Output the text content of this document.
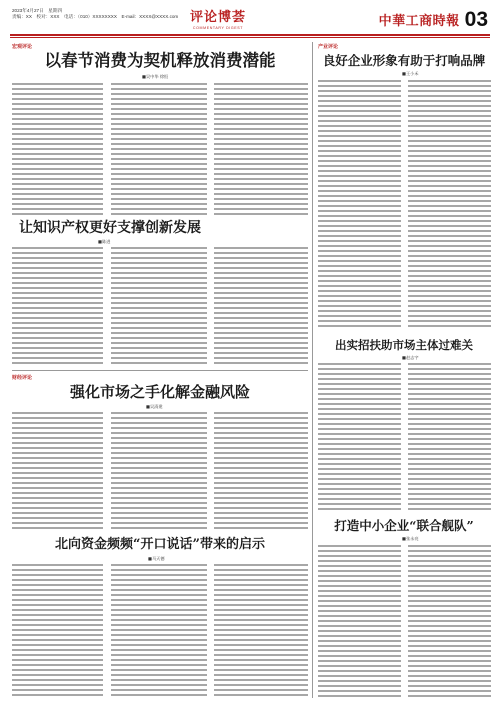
2023年4月27日　星期四
责编：XX　校对：XXX　电话：（010）XXXXXXXX　E-mail：XXXX@XXXX.com 评论博荟
COMMENTARY DIGEST	中華工商時報 03
宏观评论
以春节消费为契机释放消费潜能
■吴中华 徐恒
让知识产权更好支撑创新发展
■陈进
财经评论
强化市场之手化解金融风险
■吴清建
北向资金频频“开口说话”带来的启示
■马天德
产业评论
良好企业形象有助于打响品牌
■王小禾
出实招扶助市场主体过难关
■赵志宇
打造中小企业“联合舰队”
■张永亮
